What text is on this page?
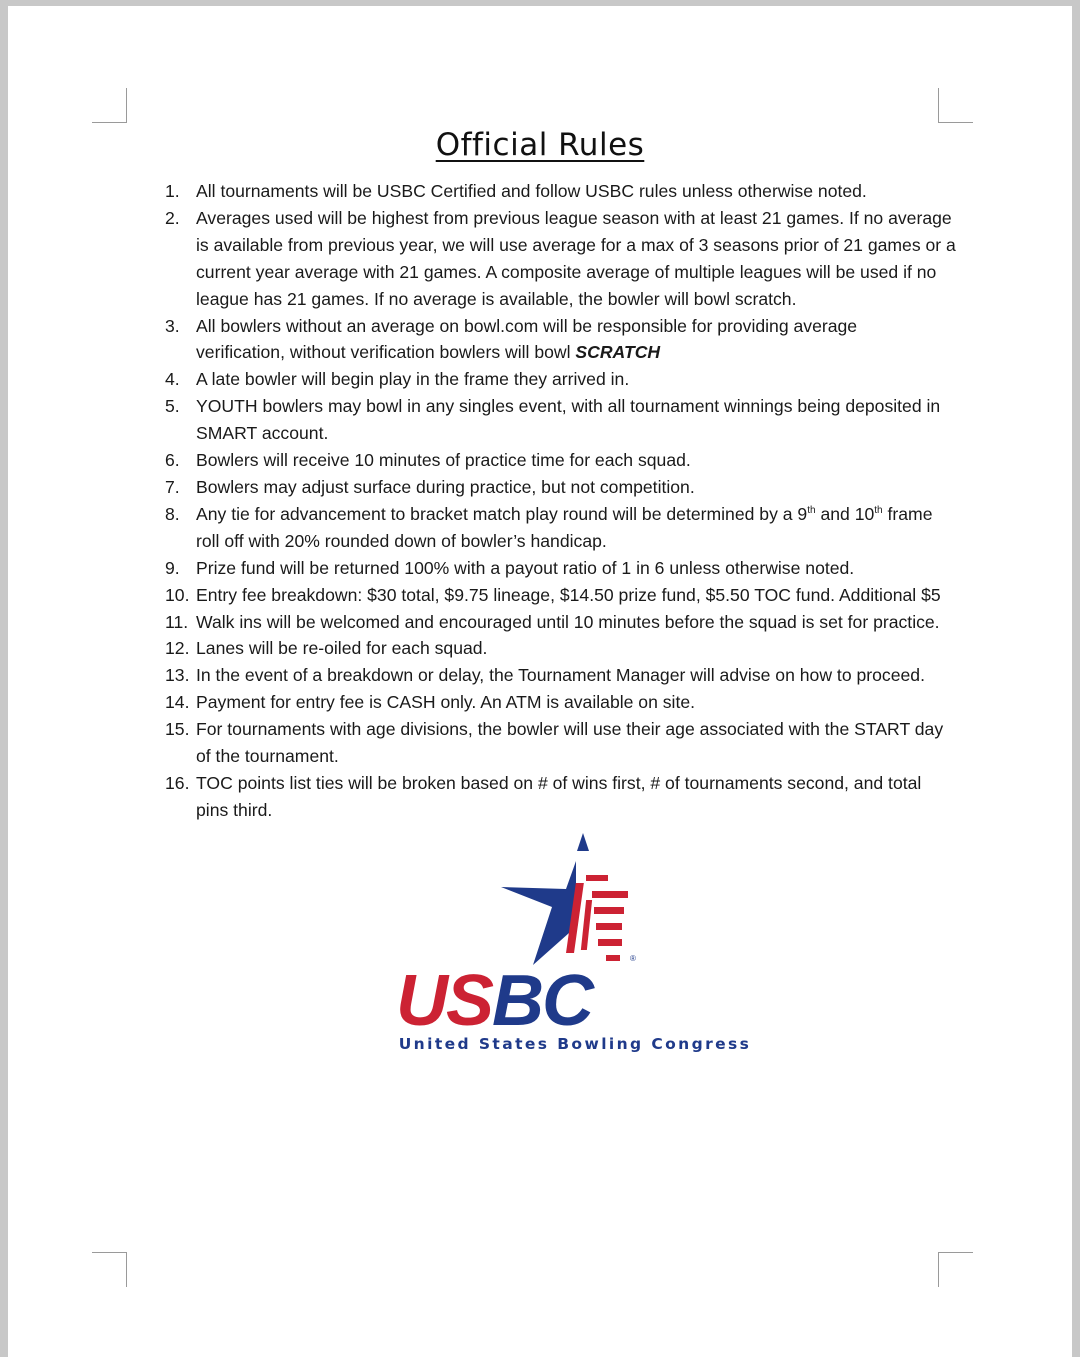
Official Rules
1. All tournaments will be USBC Certified and follow USBC rules unless otherwise noted.
2. Averages used will be highest from previous league season with at least 21 games. If no average
is available from previous year, we will use average for a max of 3 seasons prior of 21 games or a
current year average with 21 games. A composite average of multiple leagues will be used if no
league has 21 games. If no average is available, the bowler will bowl scratch.
3. All bowlers without an average on bowl.com will be responsible for providing average
verification, without verification bowlers will bowl SCRATCH
4. A late bowler will begin play in the frame they arrived in.
5. YOUTH bowlers may bowl in any singles event, with all tournament winnings being deposited in
SMART account.
6. Bowlers will receive 10 minutes of practice time for each squad.
7. Bowlers may adjust surface during practice, but not competition.
8. Any tie for advancement to bracket match play round will be determined by a 9th and 10th frame
roll off with 20% rounded down of bowler’s handicap.
9. Prize fund will be returned 100% with a payout ratio of 1 in 6 unless otherwise noted.
10. Entry fee breakdown: $30 total, $9.75 lineage, $14.50 prize fund, $5.50 TOC fund. Additional $5
11. Walk ins will be welcomed and encouraged until 10 minutes before the squad is set for practice.
12. Lanes will be re-oiled for each squad.
13. In the event of a breakdown or delay, the Tournament Manager will advise on how to proceed.
14. Payment for entry fee is CASH only. An ATM is available on site.
15. For tournaments with age divisions, the bowler will use their age associated with the START day
of the tournament.
16. TOC points list ties will be broken based on # of wins first, # of tournaments second, and total
pins third.
®
USBC
United States Bowling Congress
